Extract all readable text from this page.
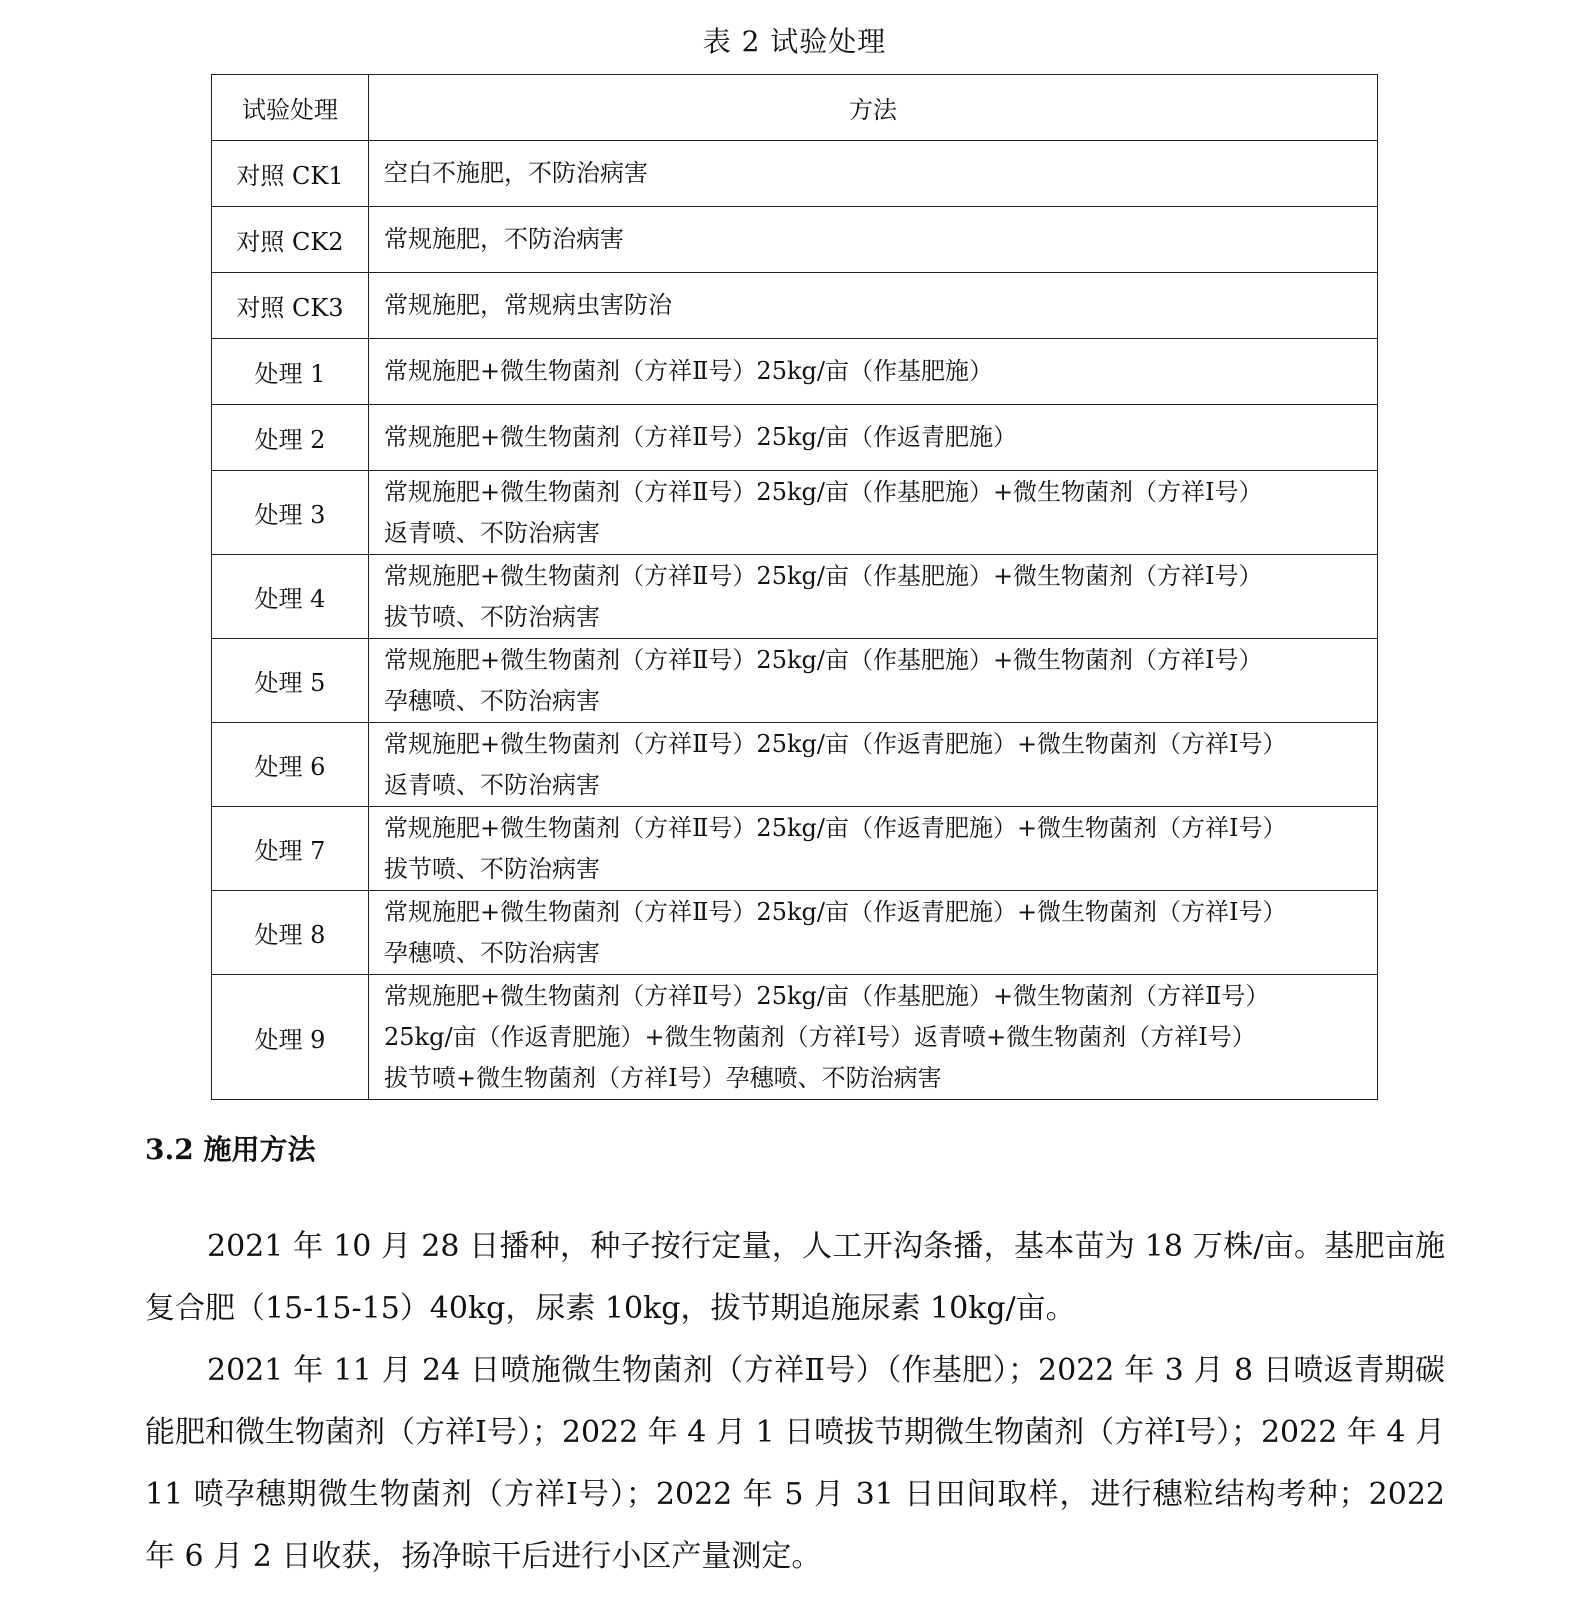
表 2 试验处理
试验处理	方法
对照 CK1	空白不施肥，不防治病害
对照 CK2	常规施肥，不防治病害
对照 CK3	常规施肥，常规病虫害防治
处理 1	常规施肥+微生物菌剂（方祥Ⅱ号）25kg/亩（作基肥施）
处理 2	常规施肥+微生物菌剂（方祥Ⅱ号）25kg/亩（作返青肥施）
处理 3	常规施肥+微生物菌剂（方祥Ⅱ号）25kg/亩（作基肥施）+微生物菌剂（方祥Ⅰ号）
返青喷、不防治病害
处理 4	常规施肥+微生物菌剂（方祥Ⅱ号）25kg/亩（作基肥施）+微生物菌剂（方祥Ⅰ号）
拔节喷、不防治病害
处理 5	常规施肥+微生物菌剂（方祥Ⅱ号）25kg/亩（作基肥施）+微生物菌剂（方祥Ⅰ号）
孕穗喷、不防治病害
处理 6	常规施肥+微生物菌剂（方祥Ⅱ号）25kg/亩（作返青肥施）+微生物菌剂（方祥Ⅰ号）
返青喷、不防治病害
处理 7	常规施肥+微生物菌剂（方祥Ⅱ号）25kg/亩（作返青肥施）+微生物菌剂（方祥Ⅰ号）
拔节喷、不防治病害
处理 8	常规施肥+微生物菌剂（方祥Ⅱ号）25kg/亩（作返青肥施）+微生物菌剂（方祥Ⅰ号）
孕穗喷、不防治病害
处理 9	常规施肥+微生物菌剂（方祥Ⅱ号）25kg/亩（作基肥施）+微生物菌剂（方祥Ⅱ号）
25kg/亩（作返青肥施）+微生物菌剂（方祥Ⅰ号）返青喷+微生物菌剂（方祥Ⅰ号）
拔节喷+微生物菌剂（方祥Ⅰ号）孕穗喷、不防治病害
3.2 施用方法

2021 年 10 月 28 日播种，种子按行定量，人工开沟条播，基本苗为 18 万株/亩。基肥亩施复合肥（15-15-15）40kg，尿素 10kg，拔节期追施尿素 10kg/亩。

2021 年 11 月 24 日喷施微生物菌剂（方祥Ⅱ号）（作基肥）；2022 年 3 月 8 日喷返青期碳能肥和微生物菌剂（方祥Ⅰ号）；2022 年 4 月 1 日喷拔节期微生物菌剂（方祥Ⅰ号）；2022 年 4 月 11 喷孕穗期微生物菌剂（方祥Ⅰ号）；2022 年 5 月 31 日田间取样，进行穗粒结构考种；2022 年 6 月 2 日收获，扬净晾干后进行小区产量测定。
